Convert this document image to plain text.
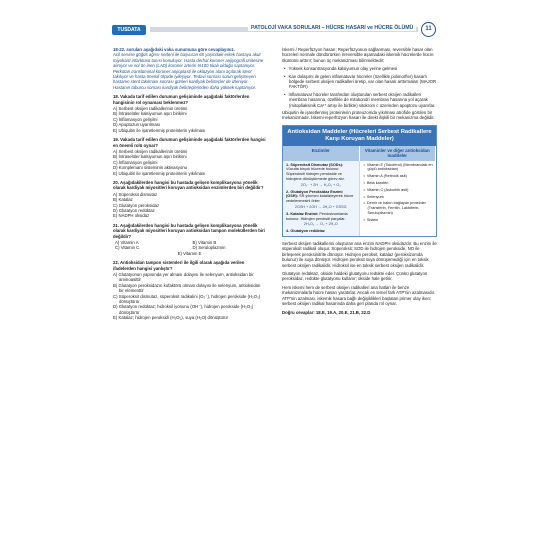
TUSDATA	PATOLOJİ VAKA SORULARI – HÜCRE HASARI ve HÜCRE ÖLÜMÜ	11
18-22. soruları aşağıdaki vaka sunumuna göre cevaplayınız.
Acil servise göğüs ağrısı nedeni ile başvuran 65 yaşındaki erkek hastaya akut miyokard infarktüsü tanısı konuluyor. Hasta derhal koroner anjiyografi ünitesine alınıyor ve sol ön inen (LAD) koroner arterin %100 tıkalı olduğu saptanıyor. Perkütan translüminal koroner anjioplasti ile oklüzyon alanı açılarak stent takılıyor ve hasta önemli ölçüde iyileşiyor. Tedavi sonrası sorun gelişmeyen hastanın stent takılması sonrası günleri kardiyak belirteçler de izleniyor. Hastanın taburcu sonrası kardiyak belirteçlerinden daha yüksek saptanıyor.
18. Vakada tarif edilen durumun gelişiminde aşağıdaki faktörlerden hangisinin rol oynaması beklenmez?
A) Serbest oksijen radikallerinin üretimi
B) İntraselüler kalsiyumun aşırı birikimi
C) İnflamasyon gelişimi
D) Apoptozun uyarılması
E) Ubiquitin ile işaretlenmiş proteinlerin yıkılması
19. Vakada tarif edilen durumun gelişiminde aşağıdaki faktörlerden hangisi en önemli rolü oynar?
A) Serbest oksijen radikallerinin üretimi
B) İntraselüler kalsiyumun aşırı birikimi
C) İnflamasyon gelişimi
D) Komplemanı sisteminin aktivasyonu
E) Ubiquitin ile işaretlenmiş proteinlerin yıkılması
20. Aşağıdakilerden hangisi bu hastada gelişen komplikasyona yönelik olarak kardiyak miyositleri koruyan antioksidan enzimlerden biri değildir?
A) Süperoksit dismutaz
B) Katalaz
C) Glutatyon peroksidaz
D) Glutatyon redüktaz
E) NADPH oksidaz
21. Aşağıdakilerden hangisi bu hastada gelişen komplikasyona yönelik olarak kardiyak miyositleri koruyan antioksidan tampon moleküllerden biri değildir?
A) Vitamin A	B) Vitamin B
C) Vitamin C	D) Seruloplazmin
E) Vitamin E
22. Antioksidan tampon sistemleri ile ilgili olarak aşağıda verilen ifadelerden hangisi yanlıştır?
A) Glutatyonun yapısında yer alması dolayısı ile selenyum, antioksidan bir aminoasittir
B) Glutatyon peroksidazın kofaktörü olması dolayısı ile selenyum, antioksidan bir elementtir
C) Süperoksit dismutaz, süperoksit radikalini (O₂⁻), hidrojen perokside (H₂O₂) dönüştürür
D) Glutatyon redüktaz; hidroksil iyonunu (OH⁻), hidrojen perokside (H₂O₂) dönüştürür
E) Katalaz; hidrojen peroksidi (H₂O₂), suya (H₂O) dönüştürür
İskemi / Reperfüzyon hasarı; Reperfüzyonun sağlanması, reversible hasar olan hücreleri normale döndürürken irreversible aşamadaki iskemik hücrelerde hücre ölümünü arttırır; bunun üç mekanizması bilinmektedir:
• Yüksek konsantrasyonda kalsiyumun olay yerine gelmesi
• Kan dolaşımı ile gelen inflamatuvar hücreler (özellikle polimorfler) hasarlı bölgede serbest oksijen radikalleri üretip, var olan hasarı arttırmaları (MAJOR FAKTÖR)
• İnflamatuvar hücreler tarafından oluşturulan serbest oksijen radikalleri membran hasarına, özellikle de mitokondri membran hasarına yol açarak (mitopliaksinik Ca²⁺ artışı ile birlikte) sitokrom c üzerinden apoptozu uyarırlar.
Ubiquitin ile işaretlenmiş proteinlerin proteozomda yıkılması atrofide görülen bir mekanizmadır. İskemi-reperfüzyon hasarı ile direkt ilişkili bir mekanizma değildir.
Antioksidan Maddeler (Hücreleri Serbest Radikallere Karşı Koruyan Maddeler)
Enzimler	Vitaminler ve diğer antioksidan maddeler
1- Süperoksit Dismutaz (SODs): Vücutta birçok hücrede bulunur. Süperoksiti hidrojen perokside ve hidrojene dönüştürmede görev alır.
2O₂⁻ + 2H → H₂O₂ + O₂
2- Glutatyon Peroksidaz Enzimi (GSH): SR yıkımını katalizleyerek hücre zedelenmesini önler.
2GSH + 2OH → 2H₂O + GSSG
3- Katalaz Enzimi: Peroksizomlarda bulunur. Hidrojen peroksiti parçalar.
2H₂O₂ → O₂ + 2H₂O
4- Glutatyon redüktaz
• Vitamin E (Tokoferol) (Membrandaki en güçlü antioksidan)
• Vitamin A (Retinoik asit)
• Beta karoten
• Vitamin C (Askorbik asit)
• Selenyum
• Demir ve bakırı bağlayan proteinler (Transferin, Ferritin, Laktoferin, Seruloplazmin)
• Sistein
Serbest oksijen radikallerini oluşturan ana enzim NADPH oksidazdır. Bu enzim ile süperoksit radikali oluşur. Süperoksit; SOD ile hidrojen perokside, NO ile birleşerek peroksinitrite dönüşür. Hidrojen peroksit, katalaz (peroksizomda bulunur) ile suya dönüşür. Hidrojen peroksit suya dönüşemediği için en toksik serbest oksijen radikalidir. Hidroksil ise en toksik serbest oksijen radikalidir.
Glutatyon redüktaz, okside haldeki glutatyonu redükte eder. Çünkü glutatyon peroksidaz, redükte glutatyonu kullanır; okside hale getirir.
Hem iskemi hem de serbest oksijen radikalleri ana hatları ile benze mekanizmalarla hücre hasarı yaratırlar. Ancak en temel fark ATP'nin azalmasıdır. ATP'nin azalması, iskemik hasara bağlı değişiklikleri başlatan primer olay iken; serbest oksijen radikal hasarında daha geri planda rol oynar.
Doğru cevaplar: 18.E, 19.A, 20.E, 21.B, 22.D
